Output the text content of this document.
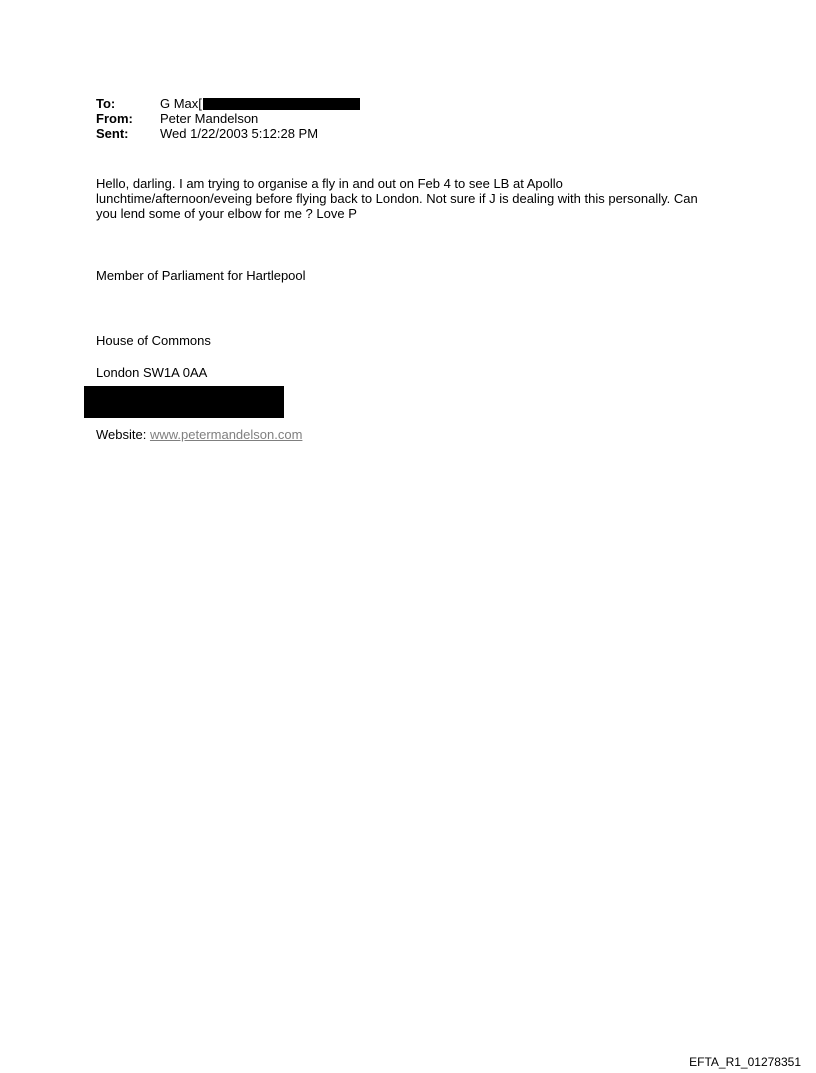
To:	G Max[
From:	Peter Mandelson
Sent:	Wed 1/22/2003 5:12:28 PM
Hello, darling. I am trying to organise a fly in and out on Feb 4 to see LB at Apollo
lunchtime/afternoon/eveing before flying back to London. Not sure if J is dealing with this personally. Can
you lend some of your elbow for me ? Love P
Member of Parliament for Hartlepool
House of Commons
London SW1A 0AA
Website: www.petermandelson.com
EFTA_R1_01278351
